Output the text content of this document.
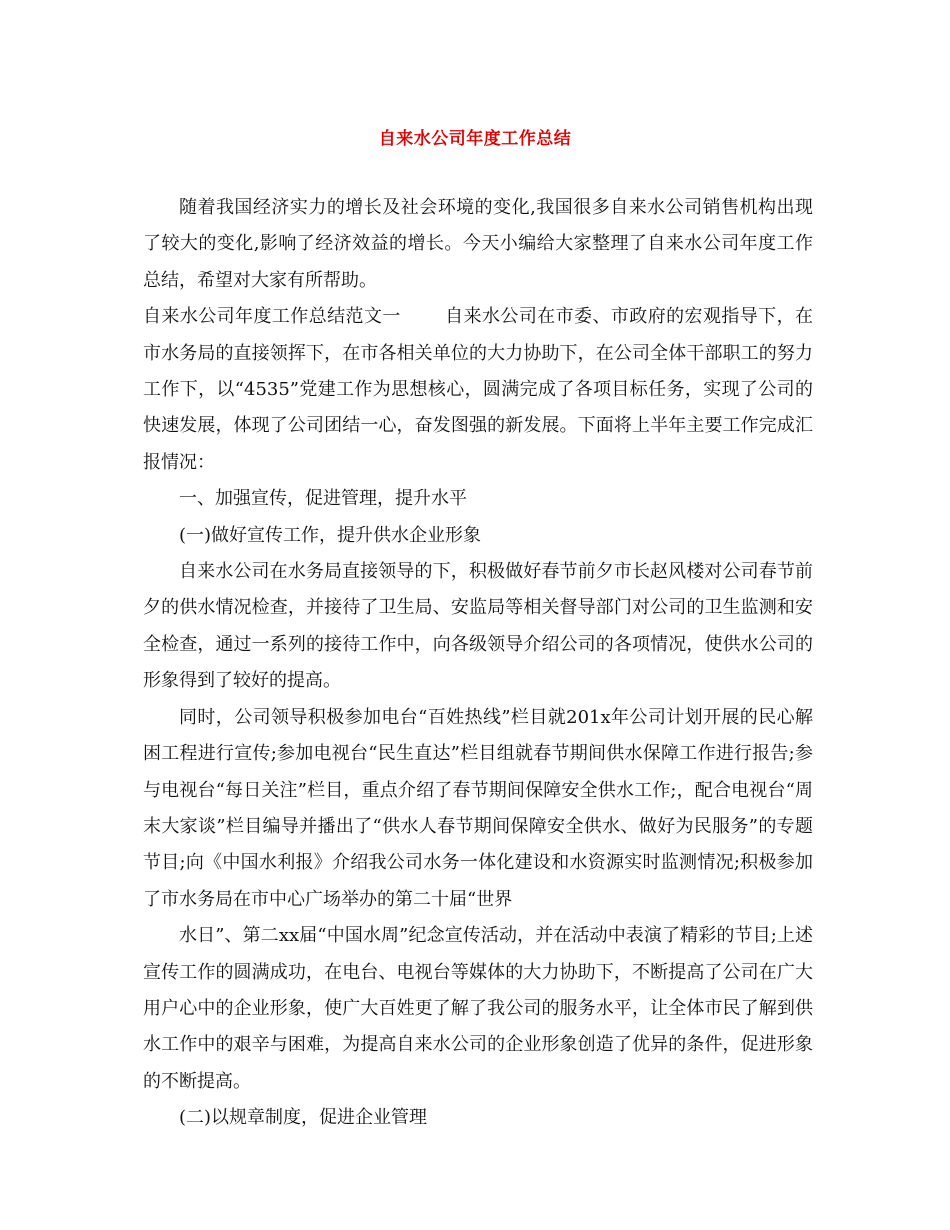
自来水公司年度工作总结

随着我国经济实力的增长及社会环境的变化,我国很多自来水公司销售机构出现了较大的变化,影响了经济效益的增长。今天小编给大家整理了自来水公司年度工作总结，希望对大家有所帮助。

自来水公司年度工作总结范文一 自来水公司在市委、市政府的宏观指导下，在市水务局的直接领挥下，在市各相关单位的大力协助下，在公司全体干部职工的努力工作下，以“4535”党建工作为思想核心，圆满完成了各项目标任务，实现了公司的快速发展，体现了公司团结一心，奋发图强的新发展。下面将上半年主要工作完成汇报情况：

一、加强宣传，促进管理，提升水平

(一)做好宣传工作，提升供水企业形象

自来水公司在水务局直接领导的下，积极做好春节前夕市长赵风楼对公司春节前夕的供水情况检查，并接待了卫生局、安监局等相关督导部门对公司的卫生监测和安全检查，通过一系列的接待工作中，向各级领导介绍公司的各项情况，使供水公司的形象得到了较好的提高。

同时，公司领导积极参加电台“百姓热线”栏目就201x年公司计划开展的民心解困工程进行宣传;参加电视台“民生直达”栏目组就春节期间供水保障工作进行报告;参与电视台“每日关注”栏目，重点介绍了春节期间保障安全供水工作;，配合电视台“周末大家谈”栏目编导并播出了“供水人春节期间保障安全供水、做好为民服务”的专题节目;向《中国水利报》介绍我公司水务一体化建设和水资源实时监测情况;积极参加了市水务局在市中心广场举办的第二十届“世界

水日”、第二xx届“中国水周”纪念宣传活动，并在活动中表演了精彩的节目;上述宣传工作的圆满成功，在电台、电视台等媒体的大力协助下，不断提高了公司在广大用户心中的企业形象，使广大百姓更了解了我公司的服务水平，让全体市民了解到供水工作中的艰辛与困难，为提高自来水公司的企业形象创造了优异的条件，促进形象的不断提高。

(二)以规章制度，促进企业管理
